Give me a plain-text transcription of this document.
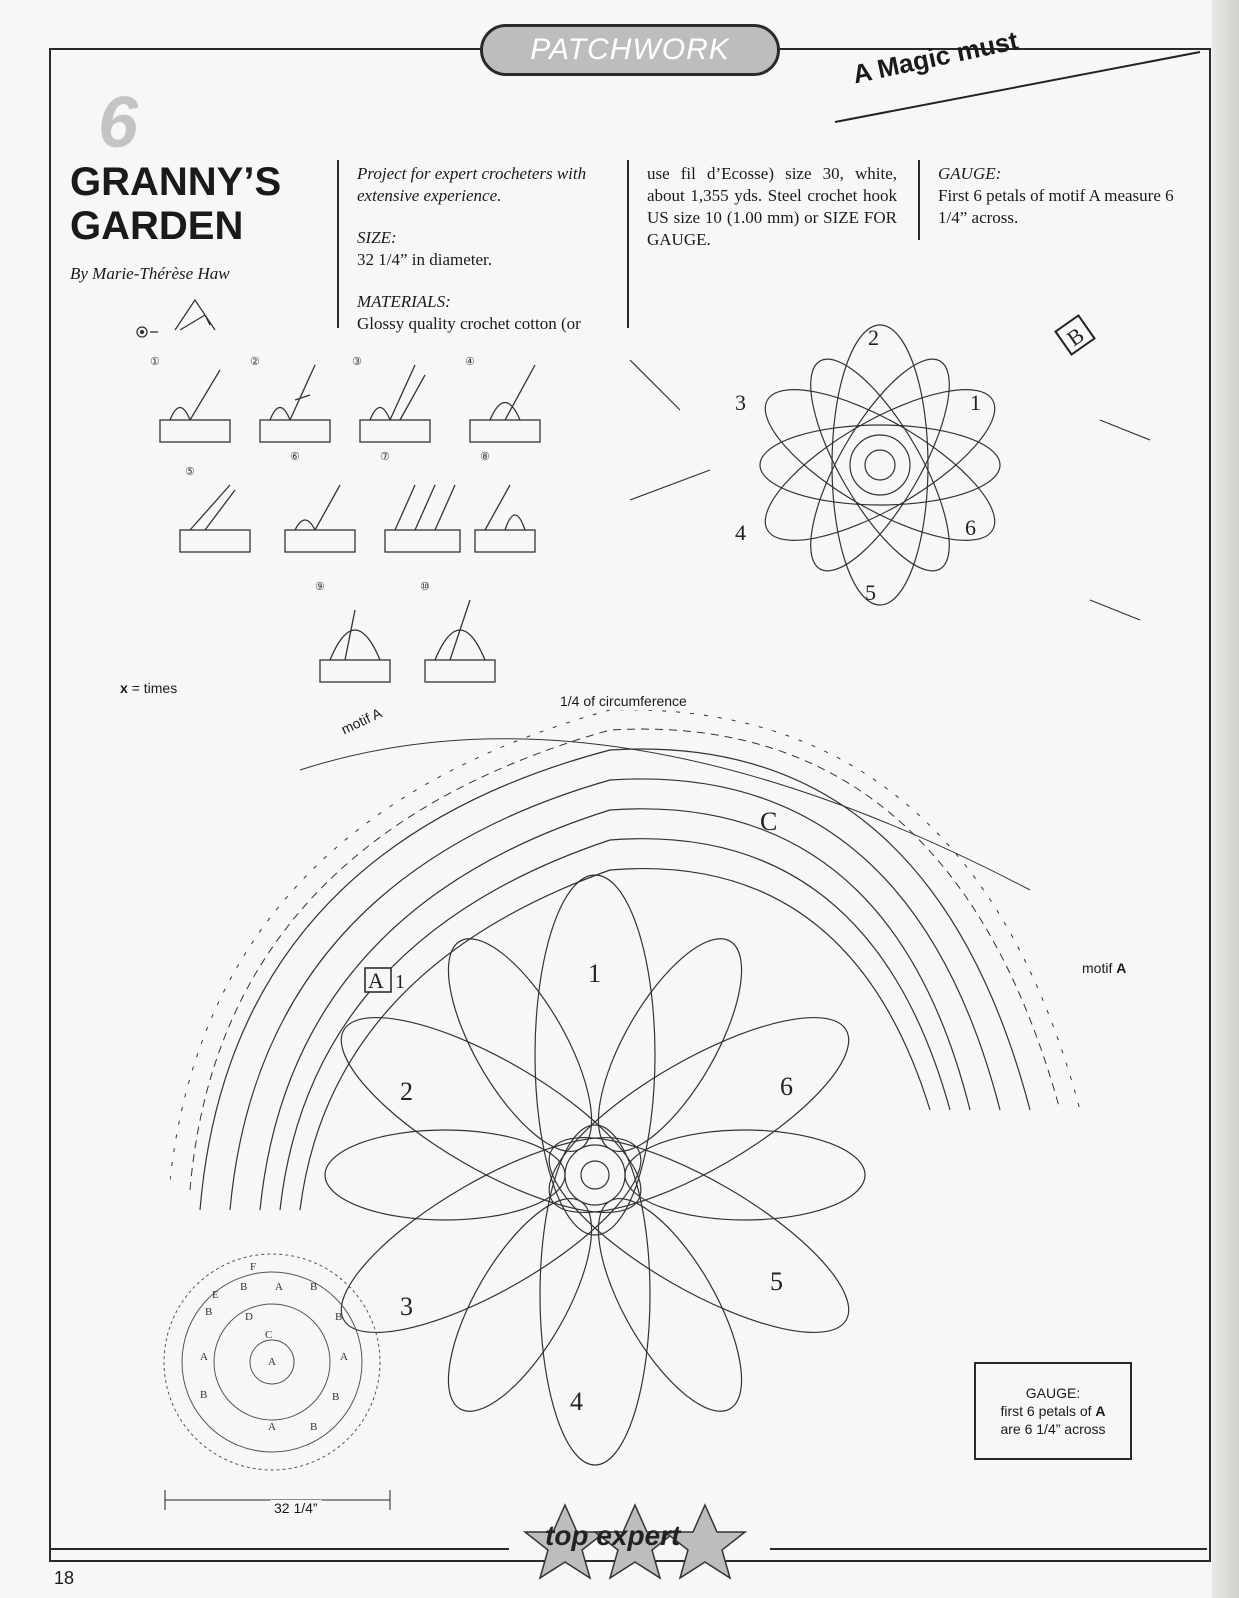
PATCHWORK	A Magic must
6
GRANNY’S
GARDEN
By Marie-Thérèse Haw

Project for expert crocheters with extensive experience.

SIZE:

32 1/4” in diameter.

MATERIALS:

Glossy quality crochet cotton (or

use fil d’Ecosse) size 30, white, about 1,355 yds. Steel crochet hook US size 10 (1.00 mm) or SIZE FOR GAUGE.

GAUGE:

First 6 petals of motif A measure 6 1/4” across.

①	②	③	④
⑤
⑥	⑦	⑧
⑨	⑩
x = times
2
1
3
6
4
5
B
1/4 of circumference
motif A
motif A
1
2
3
4
5
6
C
A 1
F
E
D
C
B
B
A
A	A
B
B
A
B
B
A	B
32 1/4”
GAUGE:
first 6 petals of A
are 6 1/4” across
top expert
18
